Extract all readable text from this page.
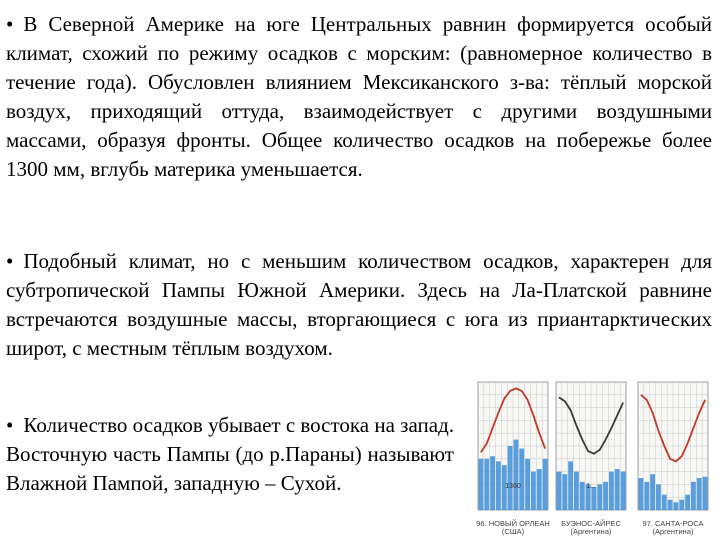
• В Северной Америке на юге Центральных равнин формируется особый климат, схожий по режиму осадков с морским: (равномерное количество в течение года). Обусловлен влиянием Мексиканского з-ва: тёплый морской воздух, приходящий оттуда, взаимодействует с другими воздушными массами, образуя фронты. Общее количество осадков на побережье более 1300 мм, вглубь материка уменьшается.

• Подобный климат, но с меньшим количеством осадков, характерен для субтропической Пампы Южной Америки. Здесь на Ла-Платской равнине встречаются воздушные массы, вторгающиеся с юга из приантарктических широт, с местным тёплым воздухом.

• Количество осадков убывает с востока на запад. Восточную часть Пампы (до р.Параны) называют Влажной Пампой, западную – Сухой.	1360
96. НОВЫЙ ОРЛЕАН
(США)
1...
БУЭНОС-АЙРЕС
(Аргентина)
97. САНТА-РОСА
(Аргентина)
